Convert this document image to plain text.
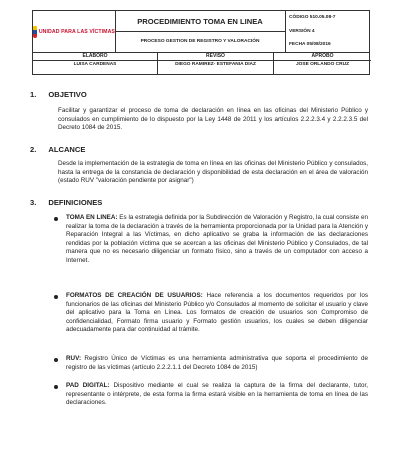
UNIDAD PARA LAS VÍCTIMAS
PROCEDIMIENTO TOMA EN LINEA
PROCESO GESTION DE REGISTRO Y VALORACIÓN
CÓDIGO 510.05.08-7
VERSIÓN 4
FECHA 05/08/2016
ELABORO
LUISA CARDENAS
REVISO
DIEGO RAMIREZ- ESTEFANIA DIAZ
APROBO
JOSE ORLANDO CRUZ
1. OBJETIVO

Facilitar y garantizar el proceso de toma de declaración en línea en las oficinas del Ministerio Público y consulados en cumplimiento de lo dispuesto por la Ley 1448 de 2011 y los artículos 2.2.2.3.4 y 2.2.2.3.5 del Decreto 1084 de 2015.

2. ALCANCE

Desde la implementación de la estrategia de toma en línea en las oficinas del Ministerio Público y consulados, hasta la entrega de la constancia de declaración y disponibilidad de esta declaración en el área de valoración (estado RUV "valoración pendiente por asignar")

3. DEFINICIONES
TOMA EN LINEA: Es la estrategia definida por la Subdirección de Valoración y Registro, la cual consiste en realizar la toma de la declaración a través de la herramienta proporcionada por la Unidad para la Atención y Reparación Integral a las Víctimas, en dicho aplicativo se graba la información de las declaraciones rendidas por la población víctima que se acercan a las oficinas del Ministerio Público y Consulados, de tal manera que no es necesario diligenciar un formato físico, sino a través de un computador con acceso a Internet.
FORMATOS DE CREACIÓN DE USUARIOS: Hace referencia a los documentos requeridos por los funcionarios de las oficinas del Ministerio Público y/o Consulados al momento de solicitar el usuario y clave del aplicativo para la Toma en Línea. Los formatos de creación de usuarios son Compromiso de confidencialidad, Formato firma usuario y Formato gestión usuarios, los cuales se deben diligenciar adecuadamente para dar continuidad al trámite.
RUV: Registro Único de Víctimas es una herramienta administrativa que soporta el procedimiento de registro de las víctimas (artículo 2.2.2.1.1 del Decreto 1084 de 2015)
PAD DIGITAL: Dispositivo mediante el cual se realiza la captura de la firma del declarante, tutor, representante o intérprete, de esta forma la firma estará visible en la herramienta de toma en línea de las declaraciones.
